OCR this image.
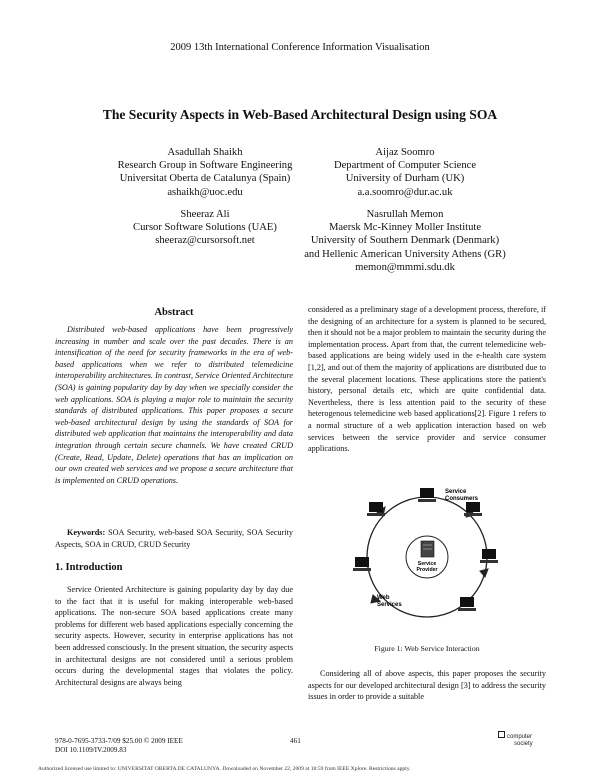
2009 13th International Conference Information Visualisation
The Security Aspects in Web-Based Architectural Design using SOA
Asadullah Shaikh
Research Group in Software Engineering
Universitat Oberta de Catalunya (Spain)
ashaikh@uoc.edu
Aijaz Soomro
Department of Computer Science
University of Durham (UK)
a.a.soomro@dur.ac.uk
Sheeraz Ali
Cursor Software Solutions (UAE)
sheeraz@cursorsoft.net
Nasrullah Memon
Maersk Mc-Kinney Moller Institute
University of Southern Denmark (Denmark)
and Hellenic American University Athens (GR)
memon@mmmi.sdu.dk
Abstract

Distributed web-based applications have been progressively increasing in number and scale over the past decades. There is an intensification of the need for security frameworks in the era of web-based applications when we refer to distributed telemedicine interoperability architectures. In contrast, Service Oriented Architecture (SOA) is gaining popularity day by day when we specially consider the web applications. SOA is playing a major role to maintain the security standards of distributed applications. This paper proposes a secure web-based architectural design by using the standards of SOA for distributed web application that maintains the interoperability and data integration through certain secure channels. We have created CRUD (Create, Read, Update, Delete) operations that has an implication on our own created web services and we propose a secure architecture that is implemented on CRUD operations.

Keywords: SOA Security, web-based SOA Security, SOA Security Aspects, SOA in CRUD, CRUD Security

1. Introduction

Service Oriented Architecture is gaining popularity day by day due to the fact that it is useful for making interoperable web-based applications. The non-secure SOA based applications create many problems for different web based applications especially concerning the security aspects. However, security in enterprise applications has not been addressed consciously. In the present situation, the security aspects in architectural designs are not considered until a serious problem occurs during the developmental stages that violates the policy. Architectural designs are always being

considered as a preliminary stage of a development process, therefore, if the designing of an architecture for a system is planned to be secured, then it should not be a major problem to maintain the security during the implementation process. Apart from that, the current telemedicine web-based applications are being widely used in the e-health care system [1,2], and out of them the majority of applications are distributed due to the several placement locations. These applications store the patient's history, personal details etc, which are quite confidential data. Nevertheless, there is less attention paid to the security of these heterogenous telemedicine web based applications[2]. Figure 1 refers to a normal structure of a web application interaction based on web services between the service provider and service consumer applications.

Service
Provider
Service
Consumers
Web
Services
Figure 1: Web Service Interaction

Considering all of above aspects, this paper proposes the security aspects for our developed architectural design [3] to address the security issues in order to provide a suitable

978-0-7695-3733-7/09 $25.00 © 2009 IEEE
DOI 10.1109/IV.2009.83
461	computer
society
Authorized licensed use limited to: UNIVERSITAT OBERTA DE CATALUNYA. Downloaded on November 22, 2009 at 18:59 from IEEE Xplore. Restrictions apply.
